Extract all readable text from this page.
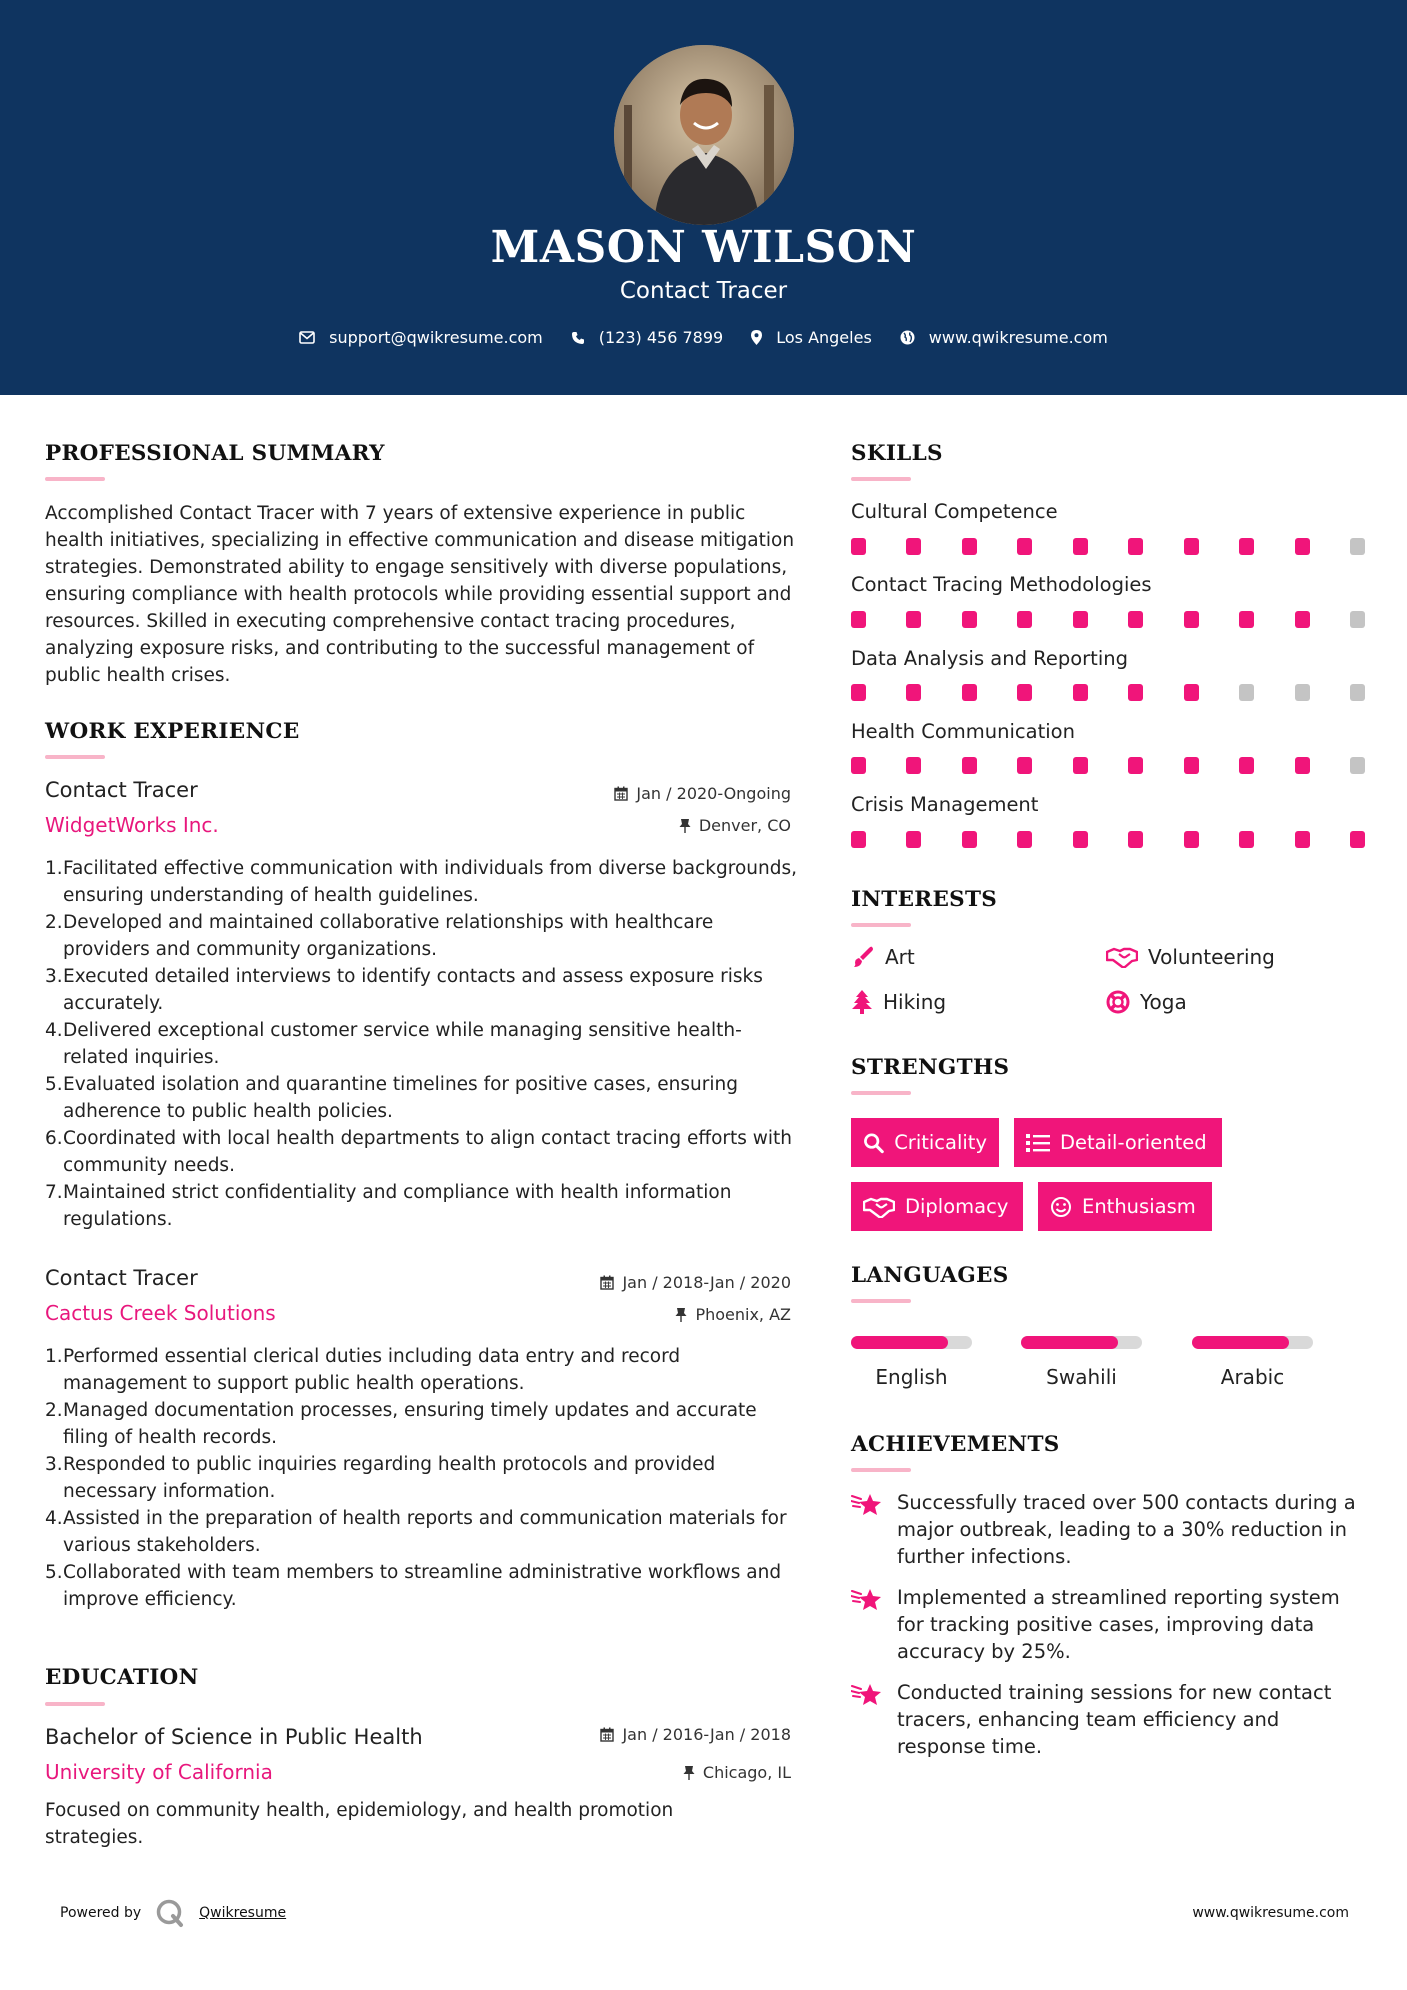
MASON WILSON
Contact Tracer
support@qwikresume.com	(123) 456 7899	Los Angeles	www.qwikresume.com
PROFESSIONAL SUMMARY
Accomplished Contact Tracer with 7 years of extensive experience in public health initiatives, specializing in effective communication and disease mitigation strategies. Demonstrated ability to engage sensitively with diverse populations, ensuring compliance with health protocols while providing essential support and resources. Skilled in executing comprehensive contact tracing procedures, analyzing exposure risks, and contributing to the successful management of public health crises.
WORK EXPERIENCE
Contact Tracer	Jan / 2020-Ongoing
WidgetWorks Inc.	Denver, CO
1. Facilitated effective communication with individuals from diverse backgrounds, ensuring understanding of health guidelines.
2. Developed and maintained collaborative relationships with healthcare providers and community organizations.
3. Executed detailed interviews to identify contacts and assess exposure risks accurately.
4. Delivered exceptional customer service while managing sensitive health-related inquiries.
5. Evaluated isolation and quarantine timelines for positive cases, ensuring adherence to public health policies.
6. Coordinated with local health departments to align contact tracing efforts with community needs.
7. Maintained strict confidentiality and compliance with health information regulations.
Contact Tracer	Jan / 2018-Jan / 2020
Cactus Creek Solutions	Phoenix, AZ
1. Performed essential clerical duties including data entry and record management to support public health operations.
2. Managed documentation processes, ensuring timely updates and accurate filing of health records.
3. Responded to public inquiries regarding health protocols and provided necessary information.
4. Assisted in the preparation of health reports and communication materials for various stakeholders.
5. Collaborated with team members to streamline administrative workflows and improve efficiency.
EDUCATION
Bachelor of Science in Public Health	Jan / 2016-Jan / 2018
University of California	Chicago, IL
Focused on community health, epidemiology, and health promotion strategies.
SKILLS
Cultural Competence
Contact Tracing Methodologies
Data Analysis and Reporting
Health Communication
Crisis Management
INTERESTS
Art	Volunteering
Hiking	Yoga
STRENGTHS
Criticality	Detail-oriented
Diplomacy	Enthusiasm
LANGUAGES
English	Swahili	Arabic
ACHIEVEMENTS
Successfully traced over 500 contacts during a major outbreak, leading to a 30% reduction in further infections.
Implemented a streamlined reporting system for tracking positive cases, improving data accuracy by 25%.
Conducted training sessions for new contact tracers, enhancing team efficiency and response time.
Powered by	Qwikresume	www.qwikresume.com
